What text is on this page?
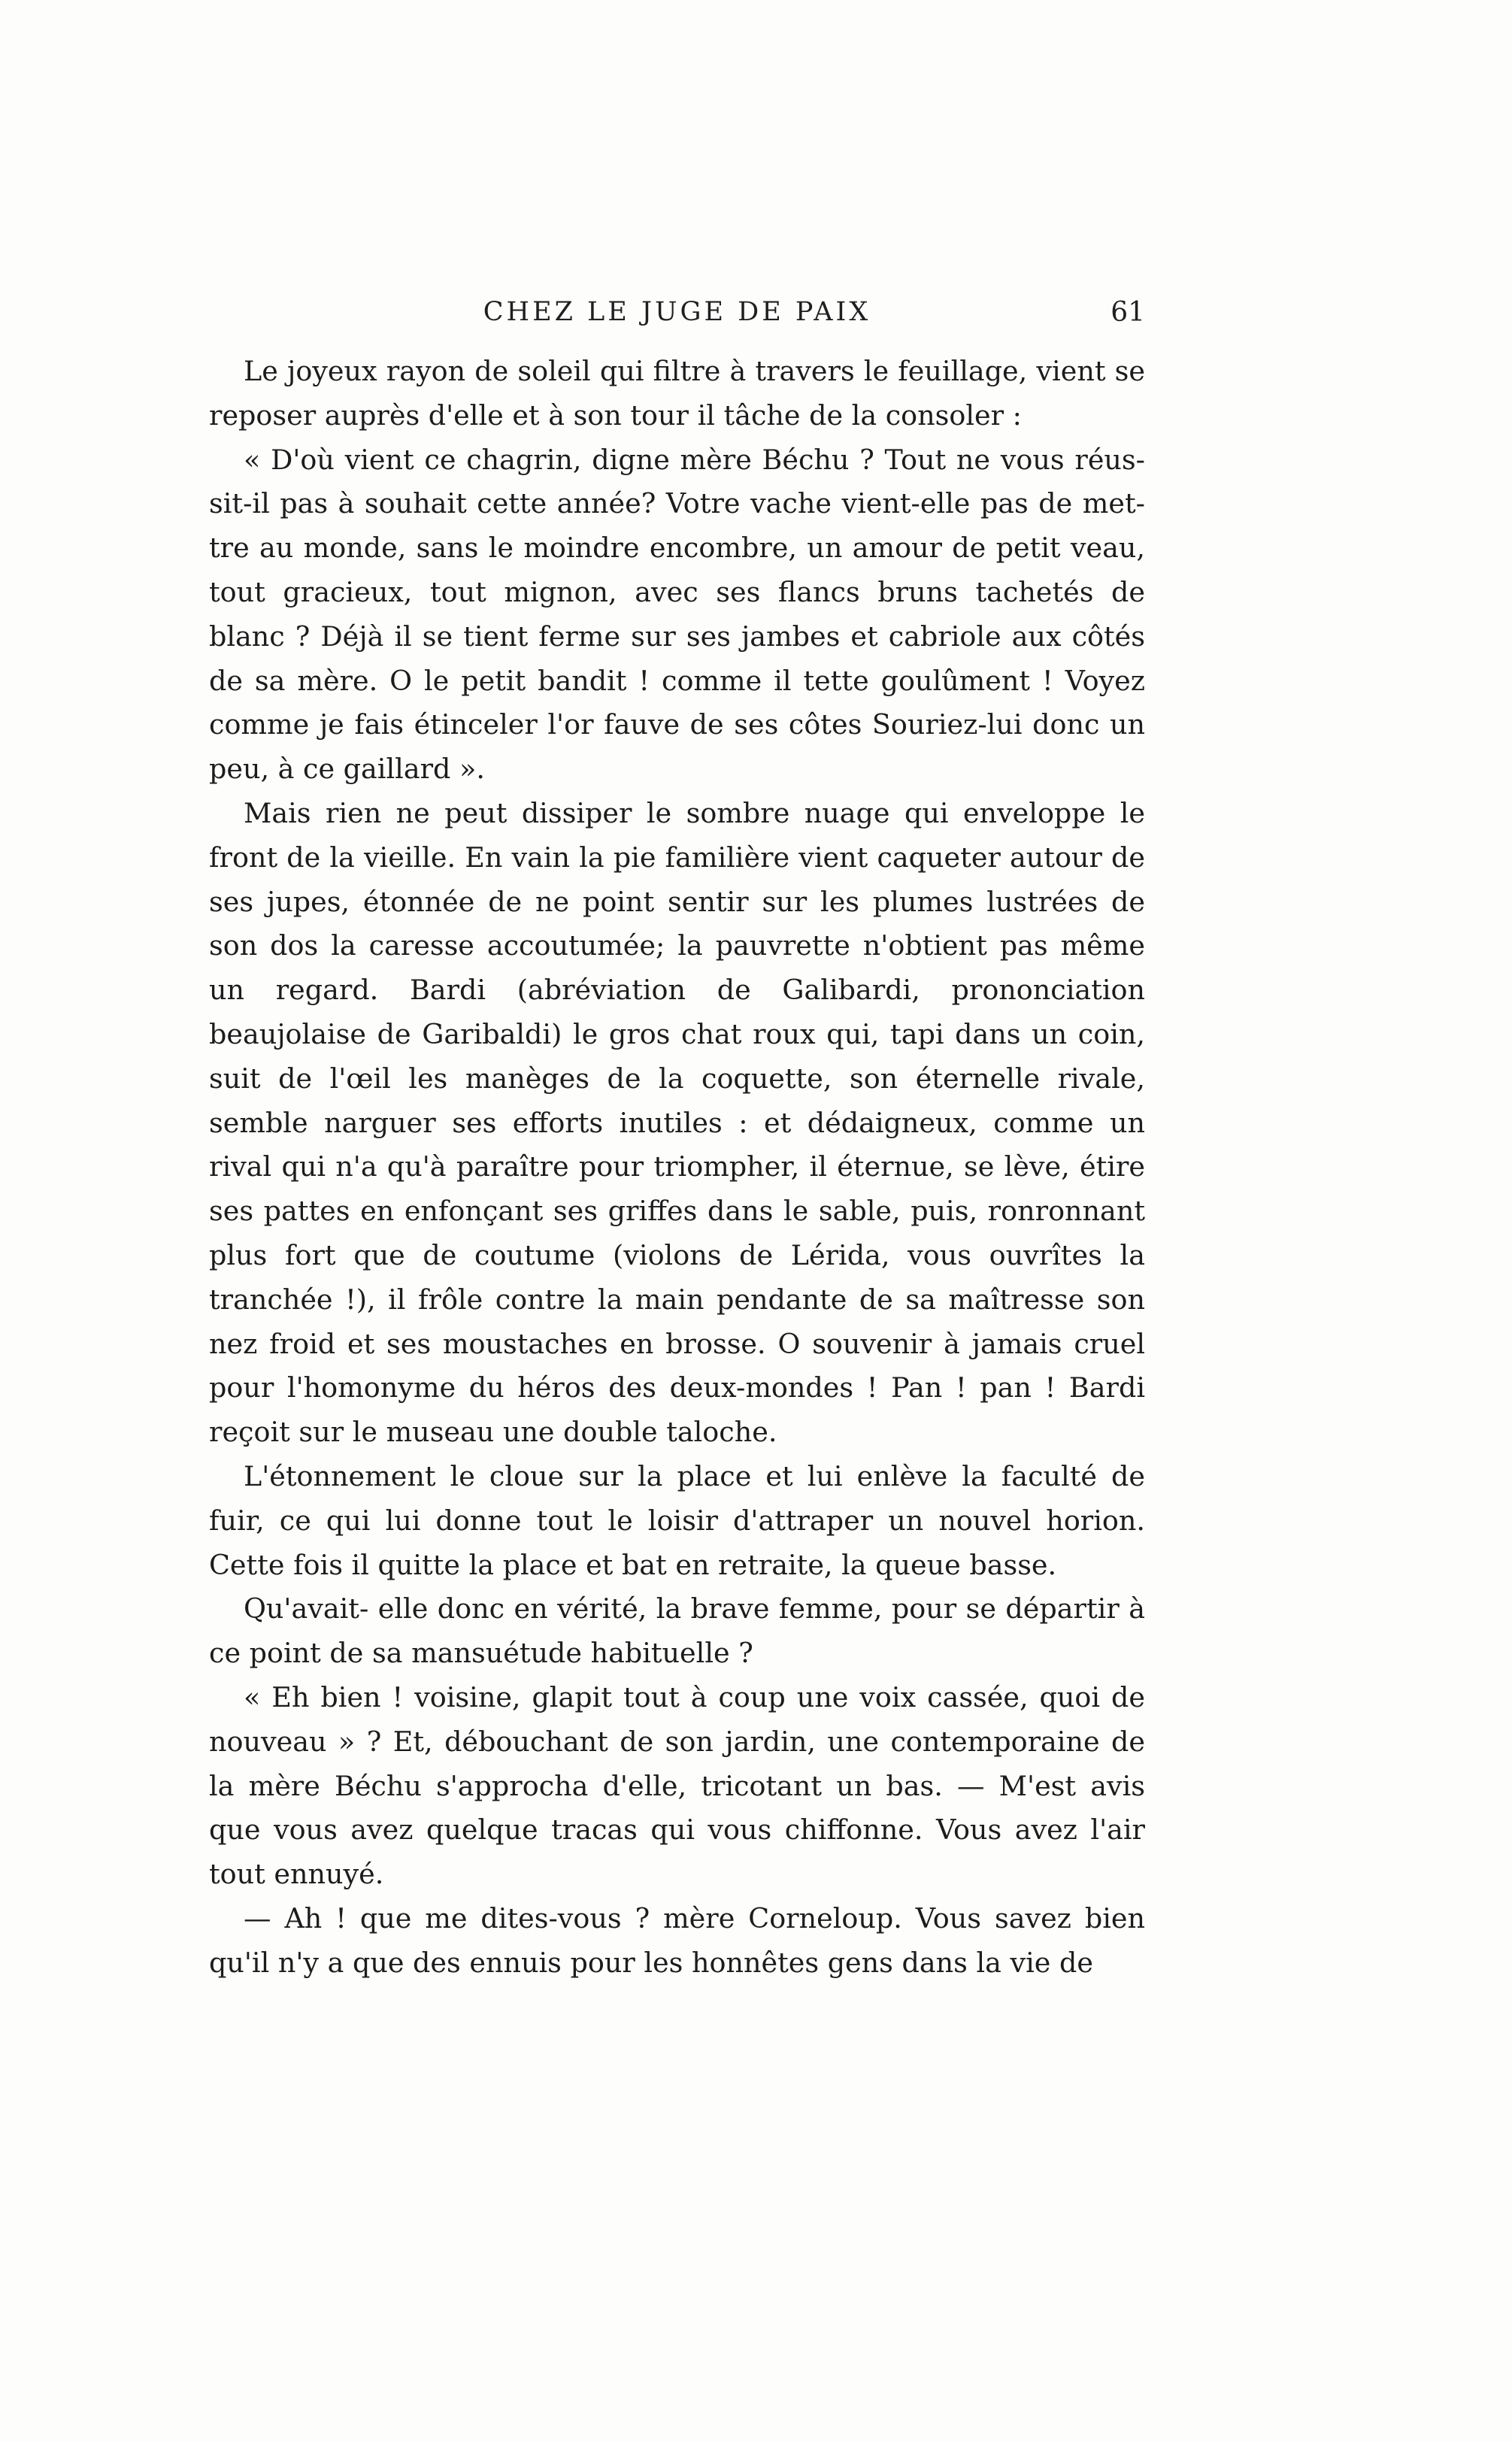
CHEZ LE JUGE DE PAIX	61

Le joyeux rayon de soleil qui filtre à travers le feuillage, vient se reposer auprès d'elle et à son tour il tâche de la consoler :

« D'où vient ce chagrin, digne mère Béchu ? Tout ne vous réussit-il pas à souhait cette année? Votre vache vient-elle pas de mettre au monde, sans le moindre encombre, un amour de petit veau, tout gracieux, tout mignon, avec ses flancs bruns tachetés de blanc ? Déjà il se tient ferme sur ses jambes et cabriole aux côtés de sa mère. O le petit bandit ! comme il tette goulûment ! Voyez comme je fais étinceler l'or fauve de ses côtes Souriez-lui donc un peu, à ce gaillard ».

Mais rien ne peut dissiper le sombre nuage qui enveloppe le front de la vieille. En vain la pie familière vient caqueter autour de ses jupes, étonnée de ne point sentir sur les plumes lustrées de son dos la caresse accoutumée; la pauvrette n'obtient pas même un regard. Bardi (abréviation de Galibardi, prononciation beaujolaise de Garibaldi) le gros chat roux qui, tapi dans un coin, suit de l'œil les manèges de la coquette, son éternelle rivale, semble narguer ses efforts inutiles : et dédaigneux, comme un rival qui n'a qu'à paraître pour triompher, il éternue, se lève, étire ses pattes en enfonçant ses griffes dans le sable, puis, ronronnant plus fort que de coutume (violons de Lérida, vous ouvrîtes la tranchée !), il frôle contre la main pendante de sa maîtresse son nez froid et ses moustaches en brosse. O souvenir à jamais cruel pour l'homonyme du héros des deux-mondes ! Pan ! pan ! Bardi reçoit sur le museau une double taloche.

L'étonnement le cloue sur la place et lui enlève la faculté de fuir, ce qui lui donne tout le loisir d'attraper un nouvel horion. Cette fois il quitte la place et bat en retraite, la queue basse.

Qu'avait- elle donc en vérité, la brave femme, pour se départir à ce point de sa mansuétude habituelle ?

« Eh bien ! voisine, glapit tout à coup une voix cassée, quoi de nouveau » ? Et, débouchant de son jardin, une contemporaine de la mère Béchu s'approcha d'elle, tricotant un bas. — M'est avis que vous avez quelque tracas qui vous chiffonne. Vous avez l'air tout ennuyé.

— Ah ! que me dites-vous ? mère Corneloup. Vous savez bien qu'il n'y a que des ennuis pour les honnêtes gens dans la vie de
